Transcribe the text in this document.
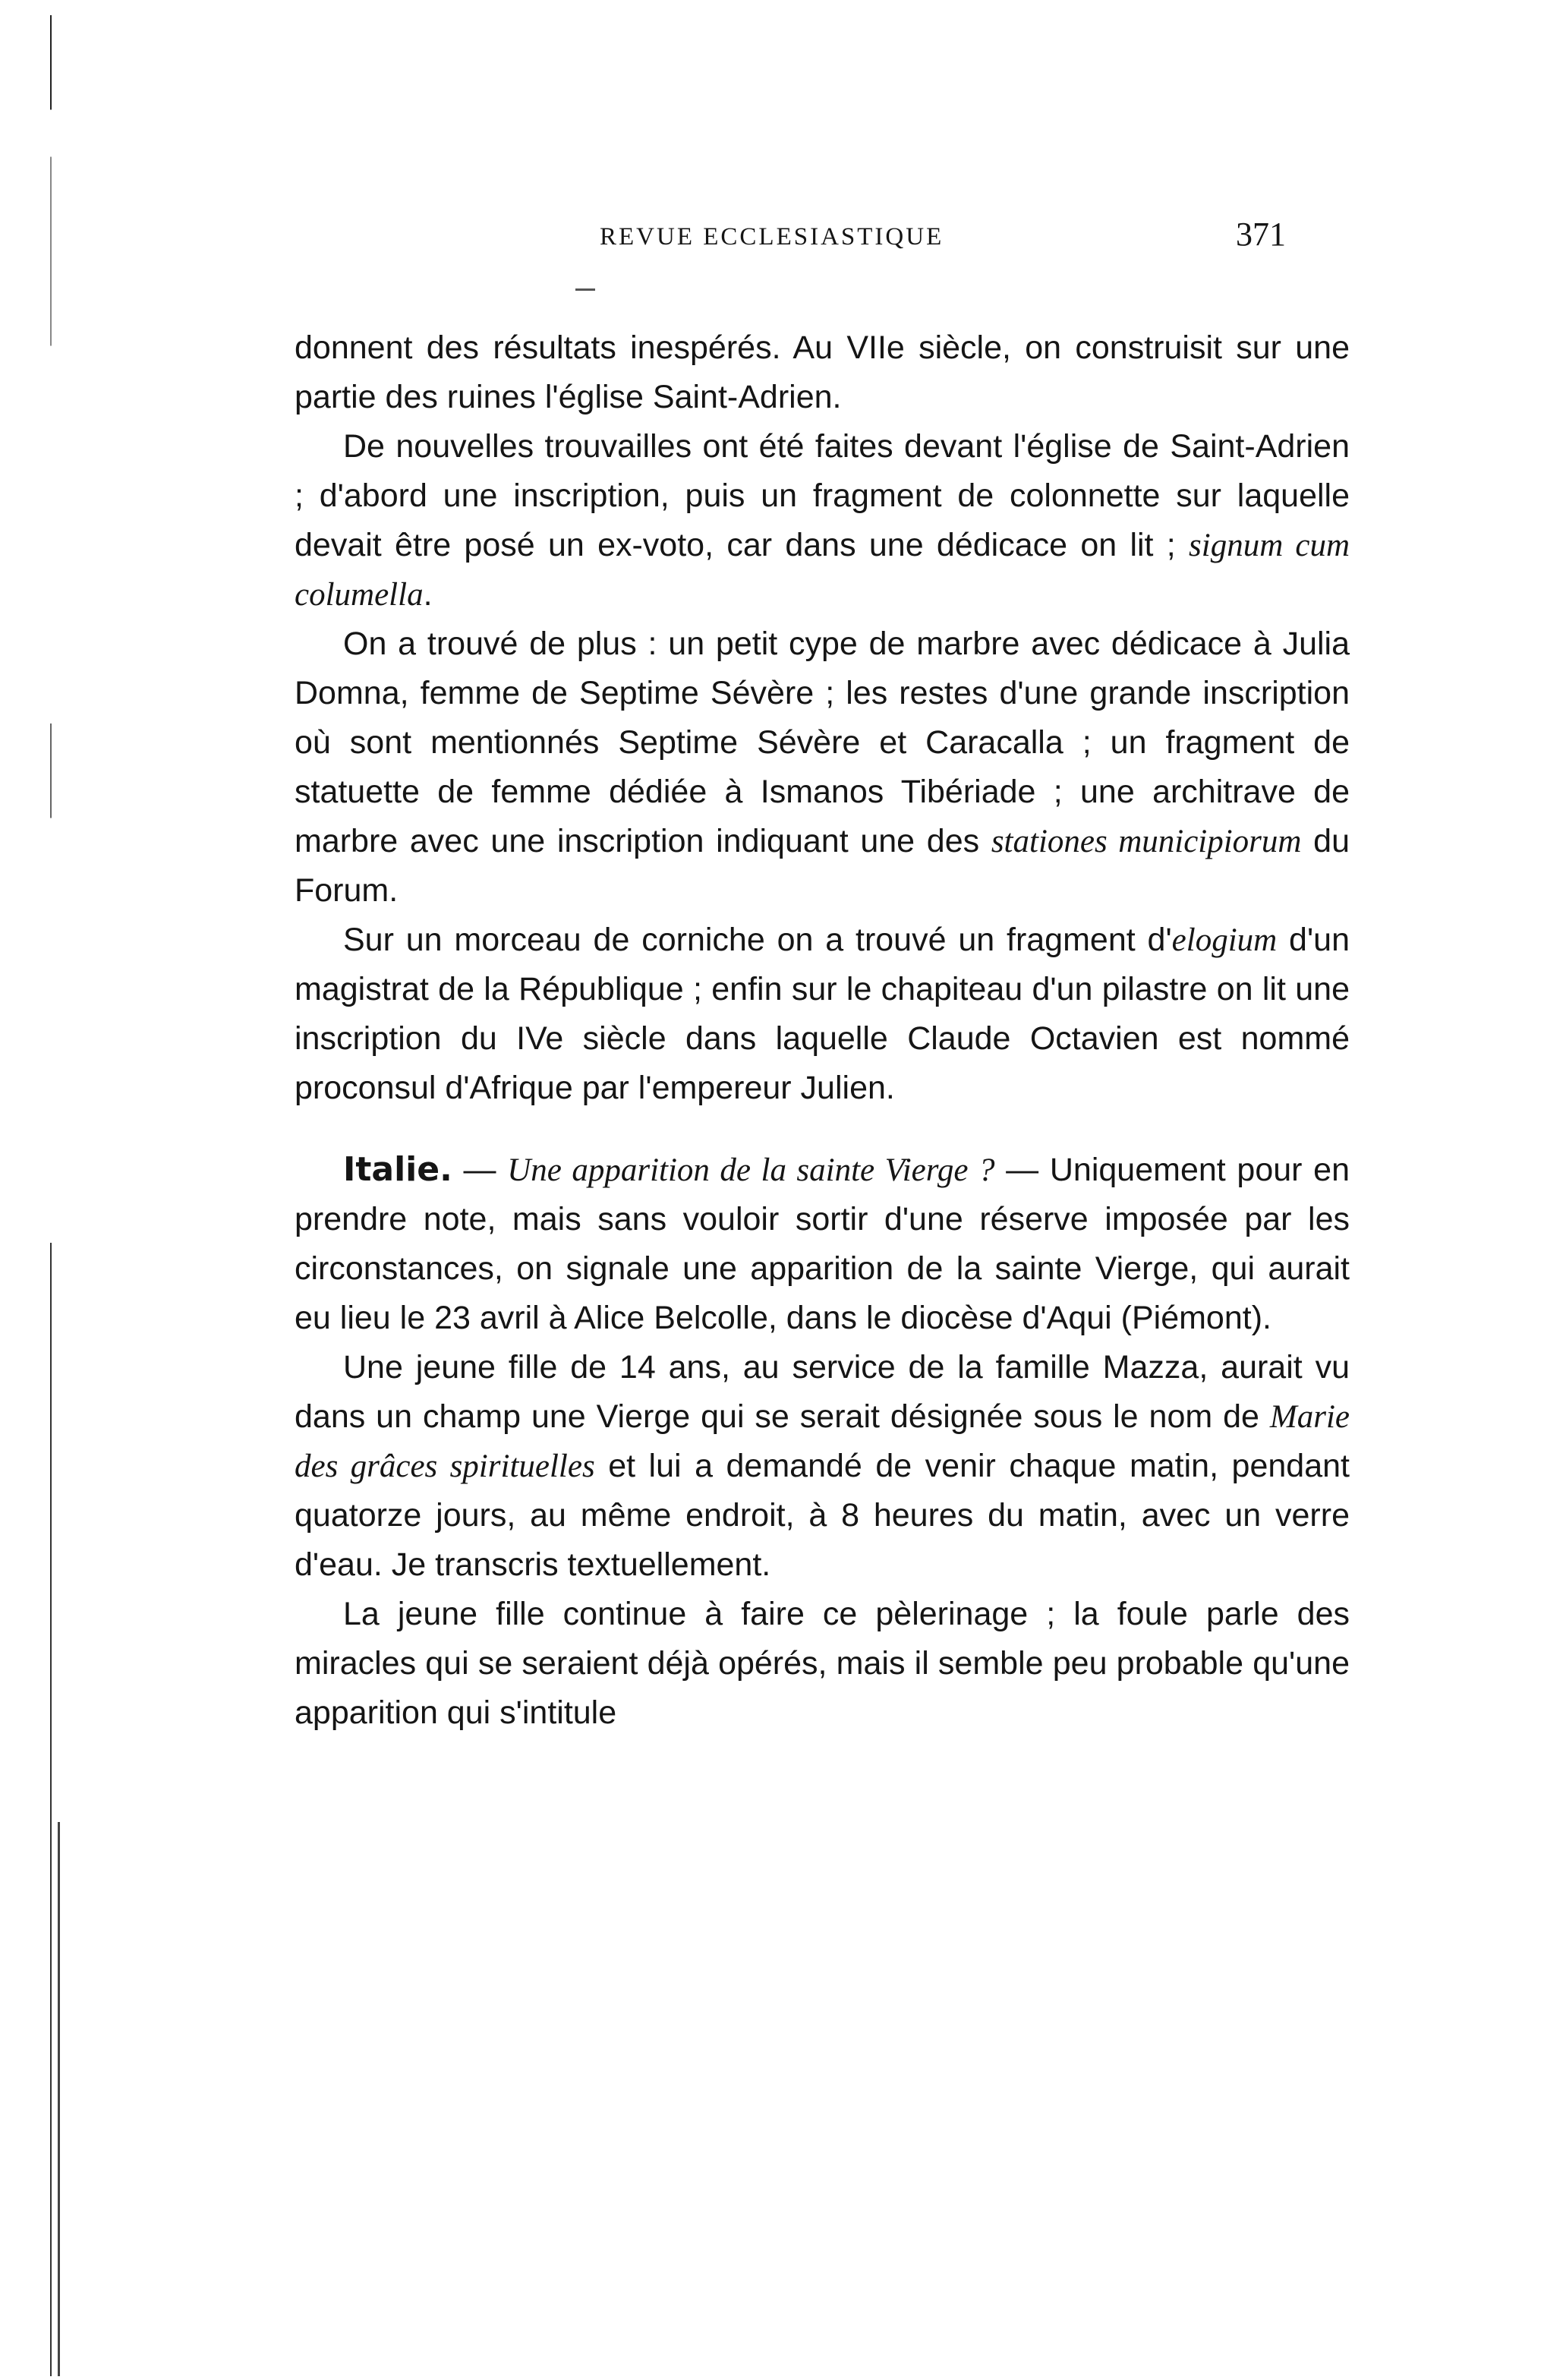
REVUE ECCLESIASTIQUE	371

donnent des résultats inespérés. Au VIIe siècle, on construisit sur une partie des ruines l'église Saint-Adrien.

De nouvelles trouvailles ont été faites devant l'église de Saint-Adrien ; d'abord une inscription, puis un fragment de colonnette sur laquelle devait être posé un ex-voto, car dans une dédicace on lit ; signum cum columella.

On a trouvé de plus : un petit cype de marbre avec dédicace à Julia Domna, femme de Septime Sévère ; les restes d'une grande inscription où sont mentionnés Septime Sévère et Caracalla ; un fragment de statuette de femme dédiée à Ismanos Tibériade ; une architrave de marbre avec une inscription indiquant une des stationes municipiorum du Forum.

Sur un morceau de corniche on a trouvé un fragment d'elogium d'un magistrat de la République ; enfin sur le chapiteau d'un pilastre on lit une inscription du IVe siècle dans laquelle Claude Octavien est nommé proconsul d'Afrique par l'empereur Julien.

Italie. — Une apparition de la sainte Vierge ? — Uniquement pour en prendre note, mais sans vouloir sortir d'une réserve imposée par les circonstances, on signale une apparition de la sainte Vierge, qui aurait eu lieu le 23 avril à Alice Belcolle, dans le diocèse d'Aqui (Piémont).

Une jeune fille de 14 ans, au service de la famille Mazza, aurait vu dans un champ une Vierge qui se serait désignée sous le nom de Marie des grâces spirituelles et lui a demandé de venir chaque matin, pendant quatorze jours, au même endroit, à 8 heures du matin, avec un verre d'eau. Je transcris textuellement.

La jeune fille continue à faire ce pèlerinage ; la foule parle des miracles qui se seraient déjà opérés, mais il semble peu probable qu'une apparition qui s'intitule
